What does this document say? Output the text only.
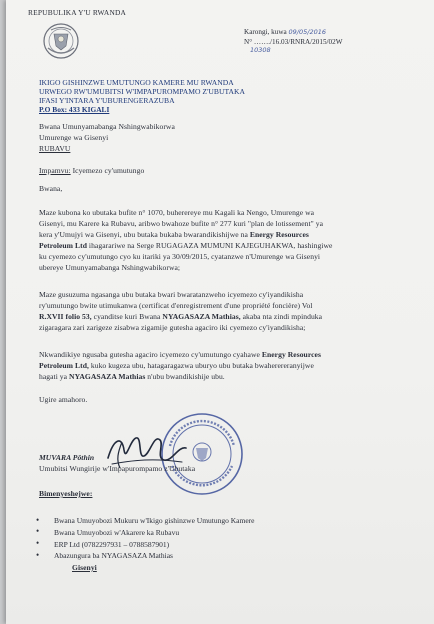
REPUBULIKA Y'U RWANDA
Karongi, kuwa 09/05/2016
N° ……./16.03/RNRA/2015/02W
10308
IKIGO GISHINZWE UMUTUNGO KAMERE MU RWANDA
URWEGO RW'UMUBITSI W'IMPAPUROMPAMO Z'UBUTAKA
IFASI Y'INTARA Y'UBURENGERAZUBA
P.O Box: 433 KIGALI
Bwana Umunyamabanga Nshingwabikorwa
Umurenge wa Gisenyi
RUBAVU
Impamvu: Icyemezo cy'umutungo
Bwana,
Maze kubona ko ubutaka bufite n° 1070, buherereye mu Kagali ka Nengo, Umurenge wa
Gisenyi, mu Karere ka Rubavu, aribwo bwahoze bufite n° 277 kuri "plan de lotissement" ya
kera y'Umujyi wa Gisenyi, ubu butaka bukaba bwarandikishijwe na Energy Resources
Petroleum Ltd ihagarariwe na Serge RUGAGAZA MUMUNI KAJEGUHAKWA, hashingiwe
ku cyemezo cy'umutungo cyo ku itariki ya 30/09/2015, cyatanzwe n'Umurenge wa Gisenyi
ubereye Umunyamabanga Nshingwabikorwa;
Maze gusuzuma ngasanga ubu butaka bwari bwaratanzweho icyemezo cy'iyandikisha
ry'umutungo bwite utimukanwa (certificat d'enregistrement d'une propriété foncière) Vol
R.XVII folio 53, cyanditse kuri Bwana NYAGASAZA Mathias, akaba nta zindi mpinduka
zigaragara zari zarigeze zisabwa zigamije gutesha agaciro iki cyemezo cy'iyandikisha;
Nkwandikiye ngusaba gutesha agaciro icyemezo cy'umutungo cyahawe Energy Resources
Petroleum Ltd, kuko kugeza ubu, hatagaragazwa uburyo ubu butaka bwaherereranyijwe
hagati ya NYAGASAZA Mathias n'ubu bwandikishije ubu.
Ugire amahoro.
MUVARA Pôthin
Umubitsi Wungirije w'Impapurompamo z'Ubutaka
Bimenyeshejwe:
• Bwana Umuyobozi Mukuru w'Ikigo gishinzwe Umutungo Kamere
• Bwana Umuyobozi w'Akarere ka Rubavu
• ERP Ltd (0782297931 – 0788587901)
• Abazungura ba NYAGASAZA Mathias
Gisenyi
